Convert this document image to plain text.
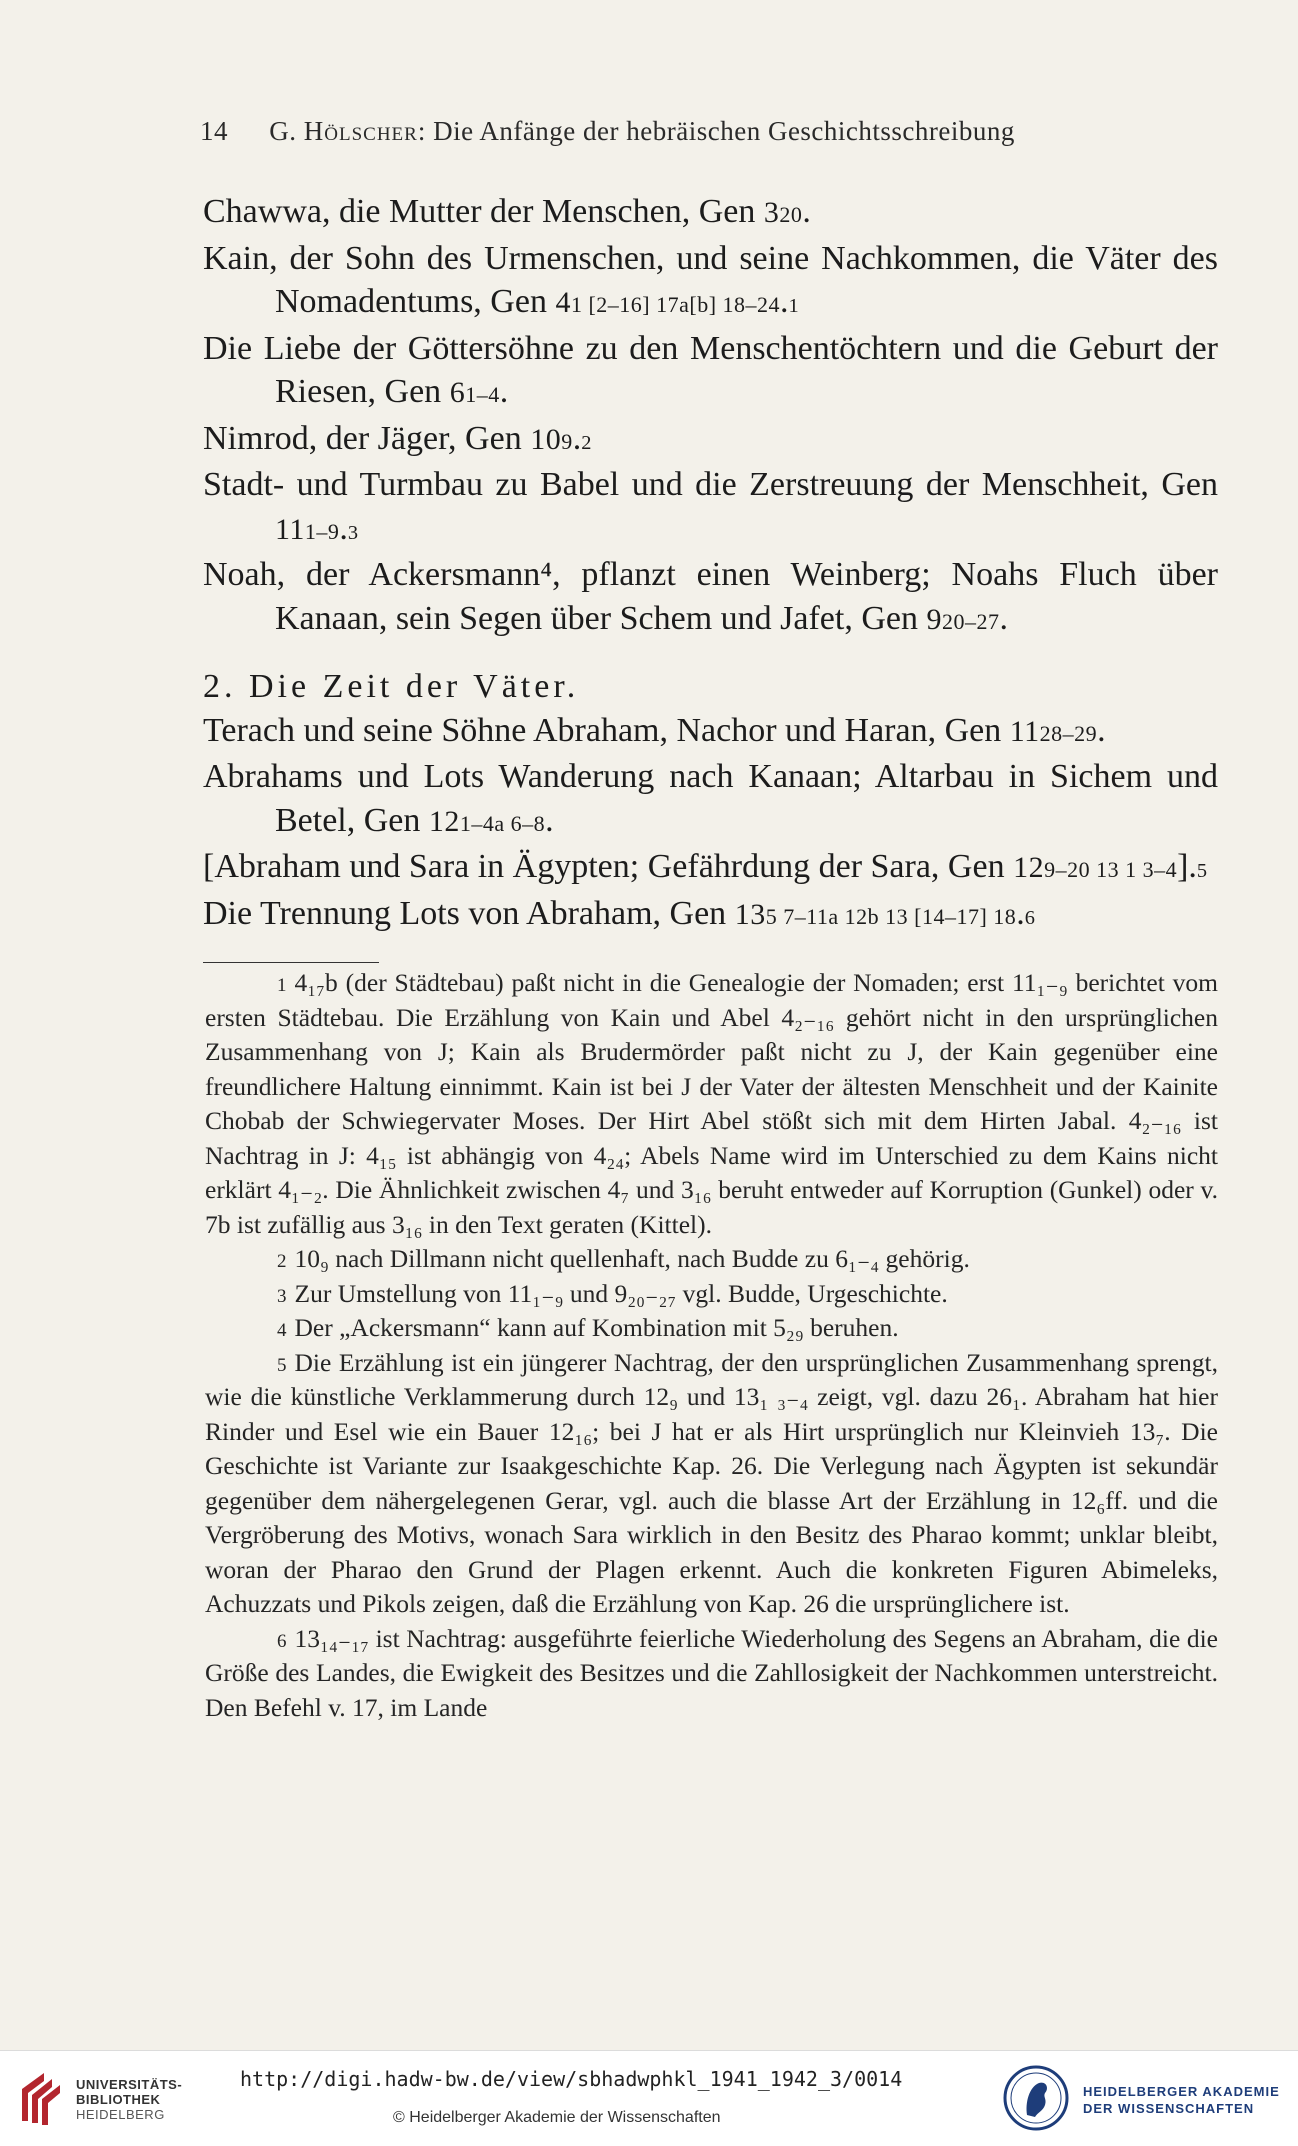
14 G. Hölscher: Die Anfänge der hebräischen Geschichtsschreibung

Chawwa, die Mutter der Menschen, Gen 320.

Kain, der Sohn des Urmenschen, und seine Nachkommen, die Väter des Nomadentums, Gen 41 [2–16] 17a[b] 18–24.$^1$

Die Liebe der Göttersöhne zu den Menschentöchtern und die Geburt der Riesen, Gen 61–4.

Nimrod, der Jäger, Gen 109.$^2$

Stadt- und Turmbau zu Babel und die Zerstreuung der Menschheit, Gen 111–9.$^3$

Noah, der Ackersmann⁴, pflanzt einen Weinberg; Noahs Fluch über Kanaan, sein Segen über Schem und Jafet, Gen 920–27.

2. Die Zeit der Väter.

Terach und seine Söhne Abraham, Nachor und Haran, Gen 1128–29.

Abrahams und Lots Wanderung nach Kanaan; Altarbau in Sichem und Betel, Gen 121–4a 6–8.

[Abraham und Sara in Ägypten; Gefährdung der Sara, Gen 129–20 13 1 3–4].$^5$

Die Trennung Lots von Abraham, Gen 135 7–11a 12b 13 [14–17] 18.$^6$

$^1$ 4₁₇b (der Städtebau) paßt nicht in die Genealogie der Nomaden; erst 11₁₋₉ berichtet vom ersten Städtebau. Die Erzählung von Kain und Abel 4₂₋₁₆ gehört nicht in den ursprünglichen Zusammenhang von J; Kain als Brudermörder paßt nicht zu J, der Kain gegenüber eine freundlichere Haltung einnimmt. Kain ist bei J der Vater der ältesten Menschheit und der Kainite Chobab der Schwiegervater Moses. Der Hirt Abel stößt sich mit dem Hirten Jabal. 4₂₋₁₆ ist Nachtrag in J: 4₁₅ ist abhängig von 4₂₄; Abels Name wird im Unterschied zu dem Kains nicht erklärt 4₁₋₂. Die Ähnlichkeit zwischen 4₇ und 3₁₆ beruht entweder auf Korruption (Gunkel) oder v. 7b ist zufällig aus 3₁₆ in den Text geraten (Kittel).

$^2$ 10₉ nach Dillmann nicht quellenhaft, nach Budde zu 6₁₋₄ gehörig.

$^3$ Zur Umstellung von 11₁₋₉ und 9₂₀₋₂₇ vgl. Budde, Urgeschichte.

$^4$ Der „Ackersmann“ kann auf Kombination mit 5₂₉ beruhen.

$^5$ Die Erzählung ist ein jüngerer Nachtrag, der den ursprünglichen Zusammenhang sprengt, wie die künstliche Verklammerung durch 12₉ und 13₁ ₃₋₄ zeigt, vgl. dazu 26₁. Abraham hat hier Rinder und Esel wie ein Bauer 12₁₆; bei J hat er als Hirt ursprünglich nur Kleinvieh 13₇. Die Geschichte ist Variante zur Isaakgeschichte Kap. 26. Die Verlegung nach Ägypten ist sekundär gegenüber dem nähergelegenen Gerar, vgl. auch die blasse Art der Erzählung in 12₆ff. und die Vergröberung des Motivs, wonach Sara wirklich in den Besitz des Pharao kommt; unklar bleibt, woran der Pharao den Grund der Plagen erkennt. Auch die konkreten Figuren Abimeleks, Achuzzats und Pikols zeigen, daß die Erzählung von Kap. 26 die ursprünglichere ist.

$^6$ 13₁₄₋₁₇ ist Nachtrag: ausgeführte feierliche Wiederholung des Segens an Abraham, die die Größe des Landes, die Ewigkeit des Besitzes und die Zahllosigkeit der Nachkommen unterstreicht. Den Befehl v. 17, im Lande

UNIVERSITÄTS-
BIBLIOTHEK
HEIDELBERG
http://digi.hadw-bw.de/view/sbhadwphkl_1941_1942_3/0014
© Heidelberger Akademie der Wissenschaften
HEIDELBERGER AKADEMIE
DER WISSENSCHAFTEN
